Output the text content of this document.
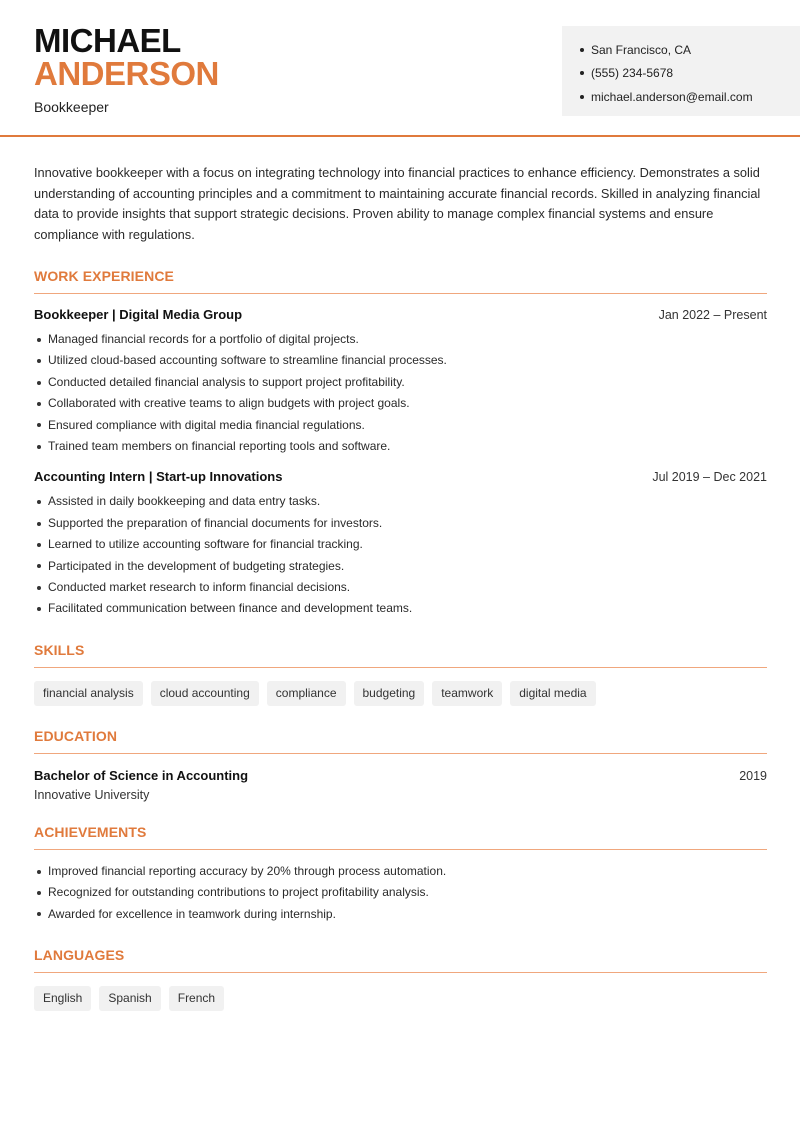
MICHAEL
ANDERSON
Bookkeeper
San Francisco, CA
(555) 234-5678
michael.anderson@email.com

Innovative bookkeeper with a focus on integrating technology into financial practices to enhance efficiency. Demonstrates a solid understanding of accounting principles and a commitment to maintaining accurate financial records. Skilled in analyzing financial data to provide insights that support strategic decisions. Proven ability to manage complex financial systems and ensure compliance with regulations.

WORK EXPERIENCE
Bookkeeper | Digital Media Group	Jan 2022 – Present
Managed financial records for a portfolio of digital projects.
Utilized cloud-based accounting software to streamline financial processes.
Conducted detailed financial analysis to support project profitability.
Collaborated with creative teams to align budgets with project goals.
Ensured compliance with digital media financial regulations.
Trained team members on financial reporting tools and software.
Accounting Intern | Start-up Innovations	Jul 2019 – Dec 2021
Assisted in daily bookkeeping and data entry tasks.
Supported the preparation of financial documents for investors.
Learned to utilize accounting software for financial tracking.
Participated in the development of budgeting strategies.
Conducted market research to inform financial decisions.
Facilitated communication between finance and development teams.
SKILLS
financial analysis	cloud accounting	compliance	budgeting	teamwork	digital media
EDUCATION
Bachelor of Science in Accounting	2019
Innovative University
ACHIEVEMENTS
Improved financial reporting accuracy by 20% through process automation.
Recognized for outstanding contributions to project profitability analysis.
Awarded for excellence in teamwork during internship.
LANGUAGES
English	Spanish	French
